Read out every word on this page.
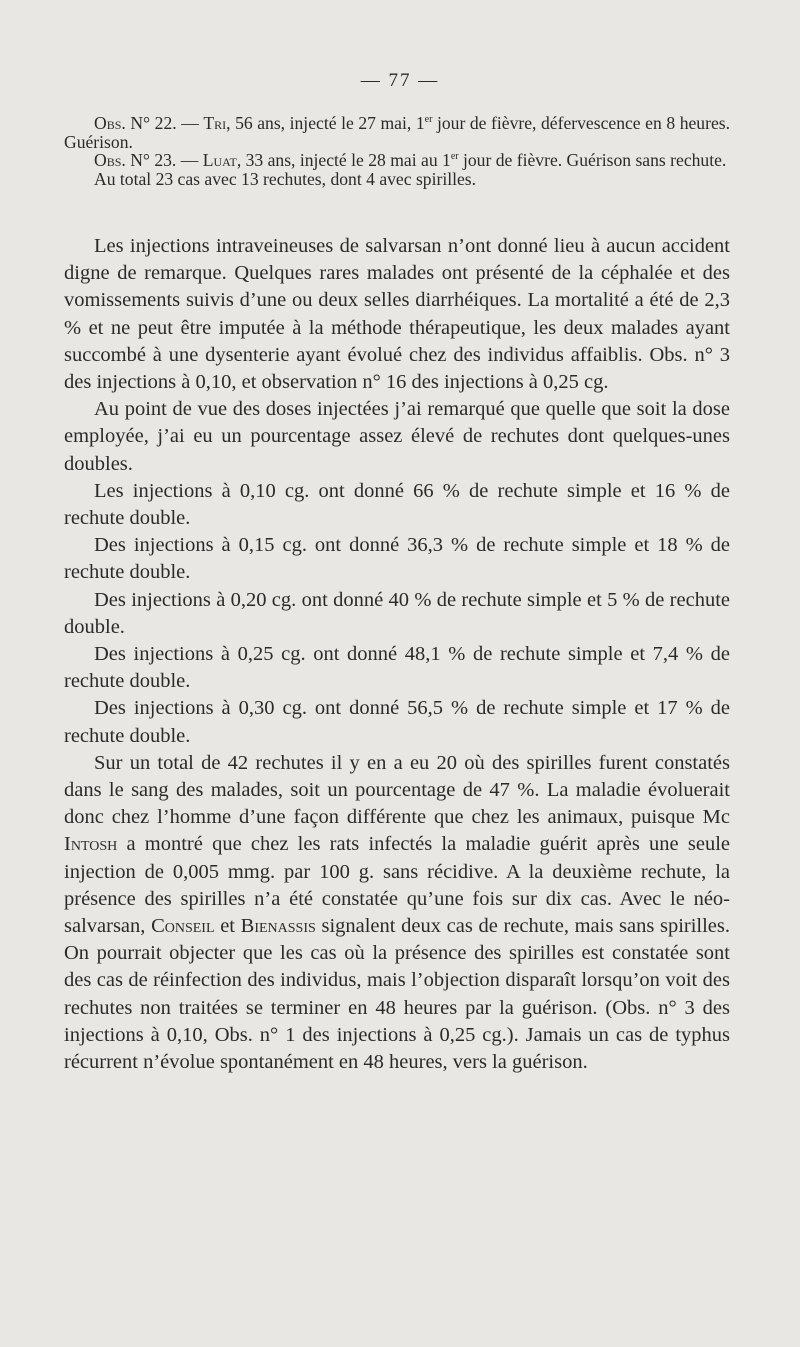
— 77 —

Obs. N° 22. — Tri, 56 ans, injecté le 27 mai, 1er jour de fièvre, défervescence en 8 heures. Guérison.

Obs. N° 23. — Luat, 33 ans, injecté le 28 mai au 1er jour de fièvre. Guérison sans rechute.

Au total 23 cas avec 13 rechutes, dont 4 avec spirilles.

Les injections intraveineuses de salvarsan n’ont donné lieu à aucun accident digne de remarque. Quelques rares malades ont présenté de la céphalée et des vomissements suivis d’une ou deux selles diarrhéiques. La mortalité a été de 2,3 % et ne peut être imputée à la méthode thérapeutique, les deux malades ayant succombé à une dysenterie ayant évolué chez des individus affaiblis. Obs. n° 3 des injections à 0,10, et observation n° 16 des injections à 0,25 cg.

Au point de vue des doses injectées j’ai remarqué que quelle que soit la dose employée, j’ai eu un pourcentage assez élevé de rechutes dont quelques-unes doubles.

Les injections à 0,10 cg. ont donné 66 % de rechute simple et 16 % de rechute double.

Des injections à 0,15 cg. ont donné 36,3 % de rechute simple et 18 % de rechute double.

Des injections à 0,20 cg. ont donné 40 % de rechute simple et 5 % de rechute double.

Des injections à 0,25 cg. ont donné 48,1 % de rechute simple et 7,4 % de rechute double.

Des injections à 0,30 cg. ont donné 56,5 % de rechute simple et 17 % de rechute double.

Sur un total de 42 rechutes il y en a eu 20 où des spirilles furent constatés dans le sang des malades, soit un pourcentage de 47 %. La maladie évoluerait donc chez l’homme d’une façon différente que chez les animaux, puisque Mc Intosh a montré que chez les rats infectés la maladie guérit après une seule injection de 0,005 mmg. par 100 g. sans récidive. A la deuxième rechute, la présence des spirilles n’a été constatée qu’une fois sur dix cas. Avec le néo-salvarsan, Conseil et Bienassis signalent deux cas de rechute, mais sans spirilles. On pourrait objecter que les cas où la présence des spirilles est constatée sont des cas de réinfection des individus, mais l’objection disparaît lorsqu’on voit des rechutes non traitées se terminer en 48 heures par la guérison. (Obs. n° 3 des injections à 0,10, Obs. n° 1 des injections à 0,25 cg.). Jamais un cas de typhus récurrent n’évolue spontanément en 48 heures, vers la guérison.
